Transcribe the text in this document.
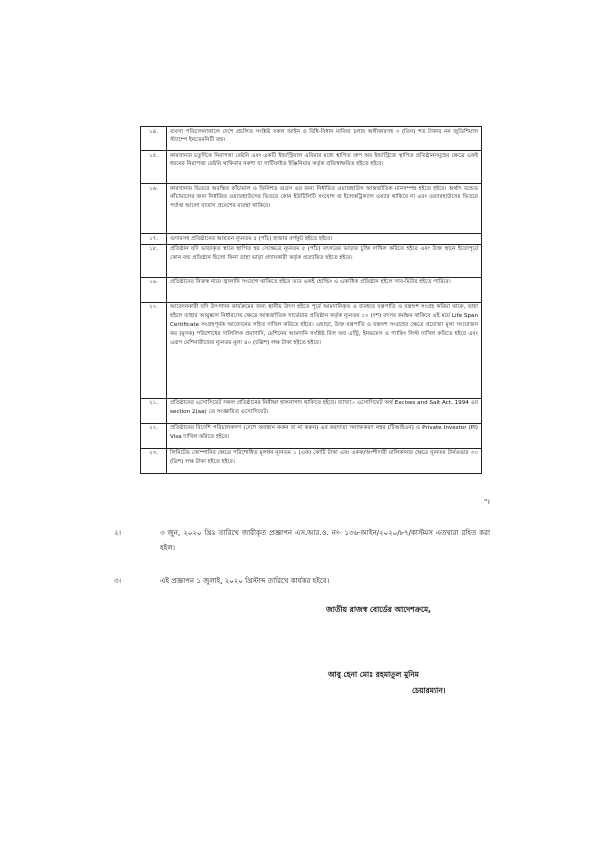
১৪.	ব্যবসা পরিচালনাকালে দেশে প্রচলিত সংশ্লিষ্ট সকল আইন ও বিধি-বিধান মানিয়া চলার অঙ্গীকারসহ ৩ (তিন) শত টাকার নন জুডিশিয়াল স্ট্যাম্পে ইনডেমনিটি বন্ড।
১৫.	কারখানার চতুর্দিকে নিরাপত্তা বেষ্টনি এবং একটি ইন্ডাস্ট্রিয়াল এরিয়ার মধ্যে স্থাপিত গ্রুপ অব ইন্ডাস্ট্রিজে স্থাপিত প্রতিষ্ঠানসমূহের ক্ষেত্রে একই ধরনের নিরাপত্তা বেষ্টনি থাকিবার নকশা যা সার্টিফাইড ইঞ্জিনিয়ার কর্তৃক প্রতিস্বাক্ষরিত হইতে হইবে।
১৬.	কারখানার ভিতরে অবস্থিত কাঁচামাল ও ফিনিশড গুডস এর জন্য নির্ধারিত ওয়্যারহাউস আন্তর্জাতিক মানসম্পন্ন হইতে হইবে। অর্থাৎ বন্ডেড কাঁচামালের জন্য নির্ধারিত ওয়্যারহাউসের ভিতরে কোন ইউটিলিটি সংযোগ বা ইলেকট্রিক্যাল ওয়্যার থাকিবে না এবং ওয়্যারহাউসের ভিতরে পর্যাপ্ত আলো বাতাস প্রবেশের ব্যবস্থা থাকিবে।
১৭.	গুদামসহ প্রতিষ্ঠানের আয়তন ন্যূনতম ৫ (পাঁচ) হাজার বর্গফুট হইতে হইবে।
১৮.	প্রতিষ্ঠান যদি ভাড়াকৃত স্থানে স্থাপিত হয় সেক্ষেত্রে ন্যূনতম ৫ (পাঁচ) বৎসরের ভাড়ার চুক্তি দাখিল করিতে হইবে এবং উক্ত স্থানে ইতোপূর্বে কোন বন্ড প্রতিষ্ঠান ছিলো কিনা তাহা ভাড়া প্রদানকারী কর্তৃক প্রত্যায়িত হইতে হইবে।
১৯.	প্রতিষ্ঠানের নিজস্ব নামে জ্বালানি সংযোগ থাকিতে হইবে তবে একই হোল্ডিং এ একাধিক প্রতিষ্ঠান হইলে সাব-মিটার হইতে পারিবে।
২০.	আবেদনকারী যদি উৎপাদন কার্যক্রমের জন্য স্থানীয় উৎস হইতে পূর্বে আমদানিকৃত ও ব্যবহৃত যন্ত্রপাতি ও যন্ত্রাংশ সংগ্রহ করিয়া থাকে, তাহা হইলে তাহার আয়ুষ্কাল নির্ধারণের ক্ষেত্রে আন্তর্জাতিক সার্ভেয়ার প্রতিষ্ঠান কর্তৃক ন্যূনতম ১০ (দশ) বৎসর কর্মক্ষম থাকিবে এই মর্মে Life Span Certificate সংগ্রহপূর্বক আবেদনের সহিত দাখিল করিতে হইবে। এছাড়া, উক্ত যন্ত্রপাতি ও যন্ত্রাংশ সংগ্রহের ক্ষেত্রে প্রযোজ্য মূল্য সংযোজন কর (মূসক) পরিশোধের দালিলিক প্রমাণাদি, মেশিনের আমদানি সংশ্লিষ্ট বিল অব এন্ট্রি, ইনভয়েস ও প্যাকিং লিস্ট দাখিল করিতে হইবে এবং এরূপ মেশিনারীজের ন্যূনতম মূল্য ৪০ (চল্লিশ) লক্ষ টাকা হইতে হইবে।
২১.	প্রতিষ্ঠানের এসোসিয়েট সকল প্রতিষ্ঠানের নিরীক্ষা হালনাগাদ থাকিতে হইবে। ব্যাখ্যা:- এসোসিয়েট অর্থ Excises and Salt Act, 1994 এর section 2(aa) তে সংজ্ঞায়িত এসোসিয়েট।
২২.	প্রতিষ্ঠানের বিদেশি পরিচালকগণ (দেশে অবস্থান করুন বা না করুন) এর করদাতা সনাক্তকরণ নম্বর (টিআইএন) ও Private Investor (PI) Visa দাখিল করিতে হইবে।
২৩.	লিমিটেড কোম্পানির ক্ষেত্রে পরিশোধিত মূলধন ন্যূনতম ১ (এক) কোটি টাকা এবং একক/অংশীদারী মালিকানার ক্ষেত্রে ন্যূনতম টার্নওভার ৩০ (ত্রিশ) লক্ষ টাকা হইতে হইবে।
"।
২।	৩ জুন, ২০২০ খ্রিঃ তারিখে জারীকৃত প্রজ্ঞাপন এস.আর.ও. নং- ১৩৬-আইন/২০২০/৮৭/কাস্টমস এতদ্বারা রহিত করা হইল।
৩।	এই প্রজ্ঞাপন ১ জুলাই, ২০২০ খ্রিস্টাব্দ তারিখে কার্যকর হইবে।
জাতীয় রাজস্ব বোর্ডের আদেশক্রমে,
আবু হেনা মোঃ রহমাতুল মুনিম
চেয়ারম্যান।
